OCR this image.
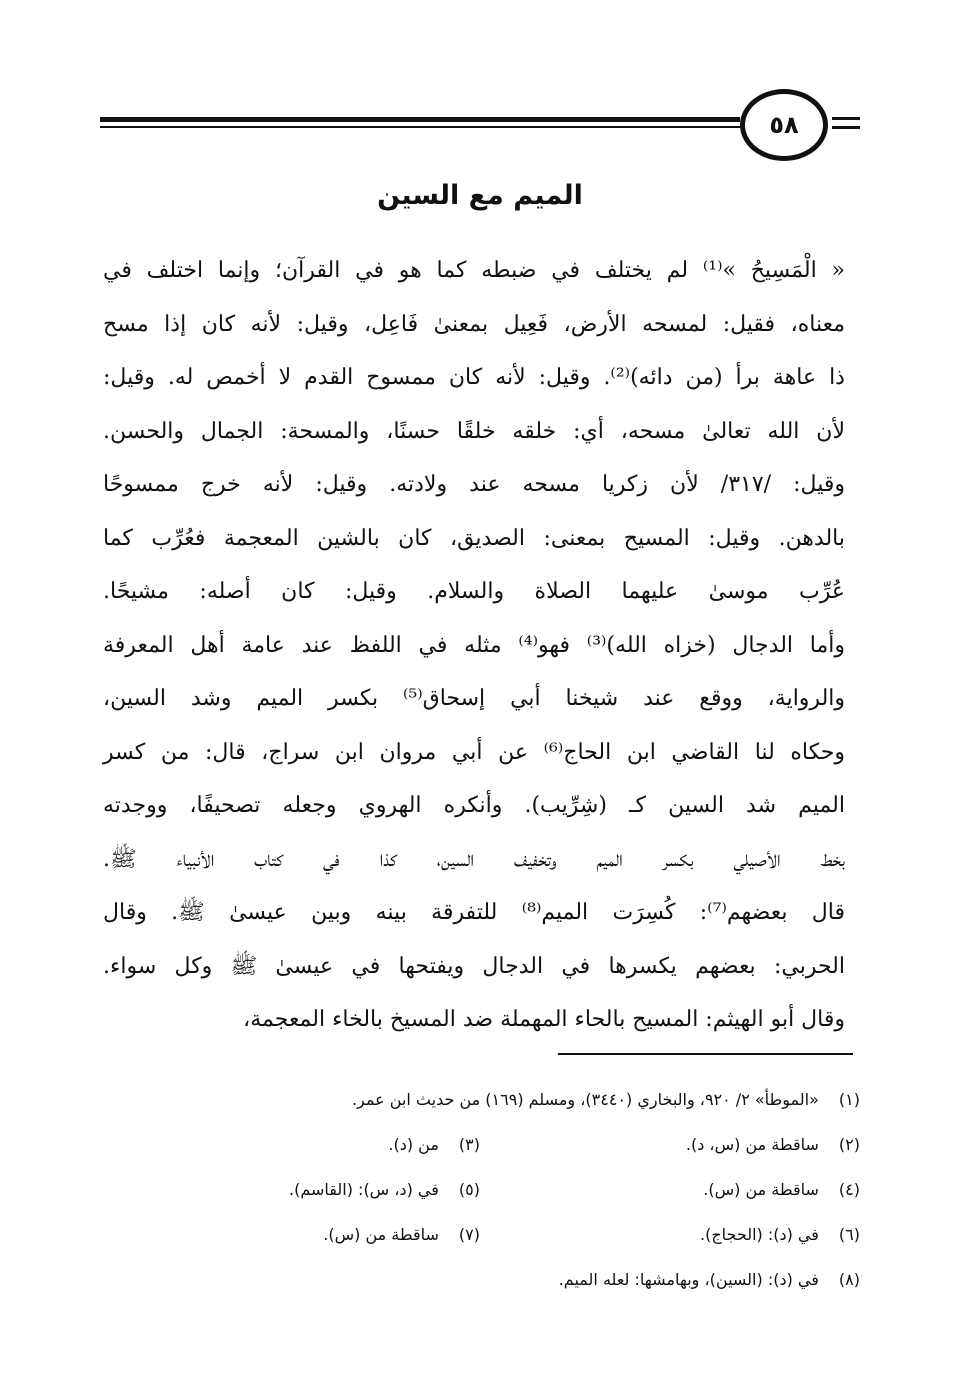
٥٨
الميم مع السين
« الْمَسِيحُ »⁽¹⁾ لم يختلف في ضبطه كما هو في القرآن؛ وإنما اختلف في
معناه، فقيل: لمسحه الأرض، فَعِيل بمعنىٰ فَاعِل، وقيل: لأنه كان إذا مسح
ذا عاهة برأ (من دائه)⁽²⁾. وقيل: لأنه كان ممسوح القدم لا أخمص له. وقيل:
لأن الله تعالىٰ مسحه، أي: خلقه خلقًا حسنًا، والمسحة: الجمال والحسن.
وقيل: /٣١٧/ لأن زكريا مسحه عند ولادته. وقيل: لأنه خرج ممسوحًا
بالدهن. وقيل: المسيح بمعنى: الصديق، كان بالشين المعجمة فعُرِّب كما
عُرِّب موسىٰ عليهما الصلاة والسلام. وقيل: كان أصله: مشيحًا.
وأما الدجال (خزاه الله)⁽³⁾ فهو⁽⁴⁾ مثله في اللفظ عند عامة أهل المعرفة
والرواية، ووقع عند شيخنا أبي إسحاق⁽⁵⁾ بكسر الميم وشد السين،
وحكاه لنا القاضي ابن الحاج⁽⁶⁾ عن أبي مروان ابن سراج، قال: من كسر
الميم شد السين كـ (شِرِّيب). وأنكره الهروي وجعله تصحيفًا، ووجدته
بخط الأصيلي بكسر الميم وتخفيف السين، كذا في كتاب الأنبياء ﷺ.
قال بعضهم⁽⁷⁾: كُسِرَت الميم⁽⁸⁾ للتفرقة بينه وبين عيسىٰ ﷺ. وقال
الحربي: بعضهم يكسرها في الدجال ويفتحها في عيسىٰ ﷺ وكل سواء.
وقال أبو الهيثم: المسيح بالحاء المهملة ضد المسيخ بالخاء المعجمة،
(١) «الموطأ» ٢/ ٩٢٠، والبخاري (٣٤٤٠)، ومسلم (١٦٩) من حديث ابن عمر.
(٢) ساقطة من (س، د).
(٣) من (د).
(٤) ساقطة من (س).
(٥) في (د، س): (القاسم).
(٦) في (د): (الحجاج).
(٧) ساقطة من (س).
(٨) في (د): (السين)، وبهامشها: لعله الميم.
